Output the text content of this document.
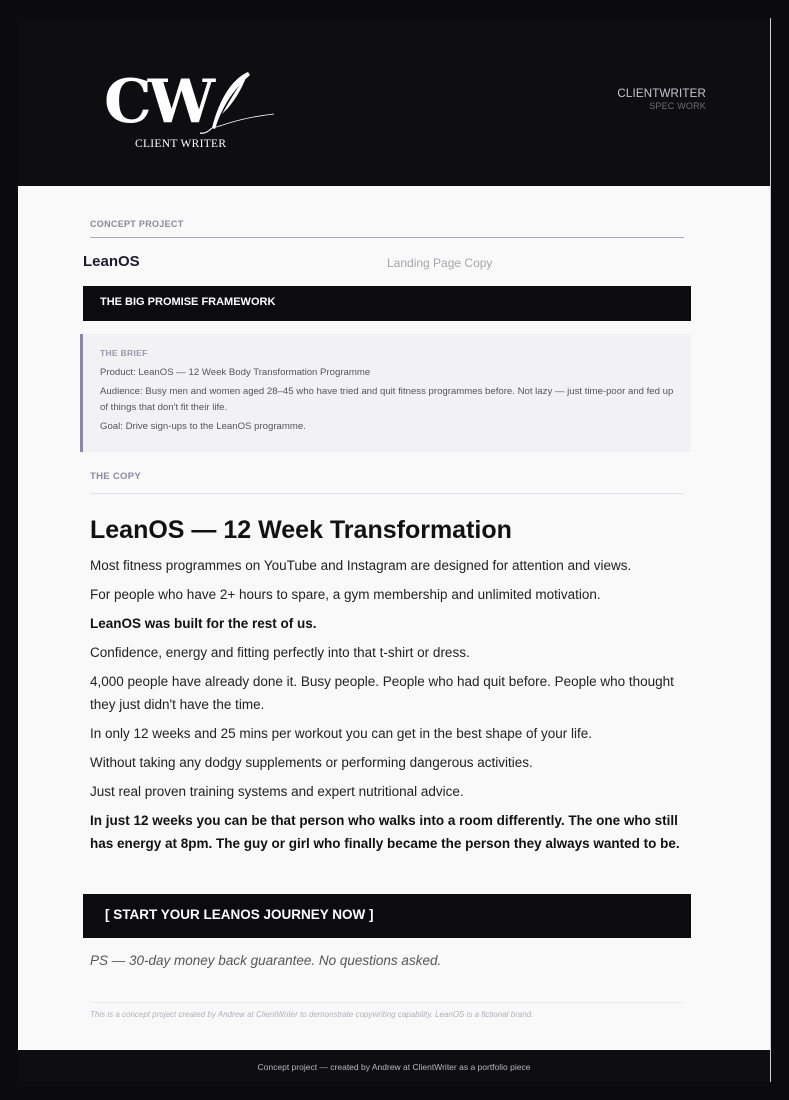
CW
CLIENT WRITER
CLIENTWRITER
SPEC WORK
CONCEPT PROJECT
LeanOS	Landing Page Copy
THE BIG PROMISE FRAMEWORK
THE BRIEF
Product: LeanOS — 12 Week Body Transformation Programme
Audience: Busy men and women aged 28–45 who have tried and quit fitness programmes before. Not lazy — just time-poor and fed up of things that don't fit their life.
Goal: Drive sign-ups to the LeanOS programme.
THE COPY
LeanOS — 12 Week Transformation
Most fitness programmes on YouTube and Instagram are designed for attention and views.
For people who have 2+ hours to spare, a gym membership and unlimited motivation.
LeanOS was built for the rest of us.
Confidence, energy and fitting perfectly into that t-shirt or dress.
4,000 people have already done it. Busy people. People who had quit before. People who thought they just didn't have the time.
In only 12 weeks and 25 mins per workout you can get in the best shape of your life.
Without taking any dodgy supplements or performing dangerous activities.
Just real proven training systems and expert nutritional advice.
In just 12 weeks you can be that person who walks into a room differently. The one who still has energy at 8pm. The guy or girl who finally became the person they always wanted to be.
[ START YOUR LEANOS JOURNEY NOW ]
PS — 30-day money back guarantee. No questions asked.
This is a concept project created by Andrew at ClientWriter to demonstrate copywriting capability. LeanOS is a fictional brand.
Concept project — created by Andrew at ClientWriter as a portfolio piece
